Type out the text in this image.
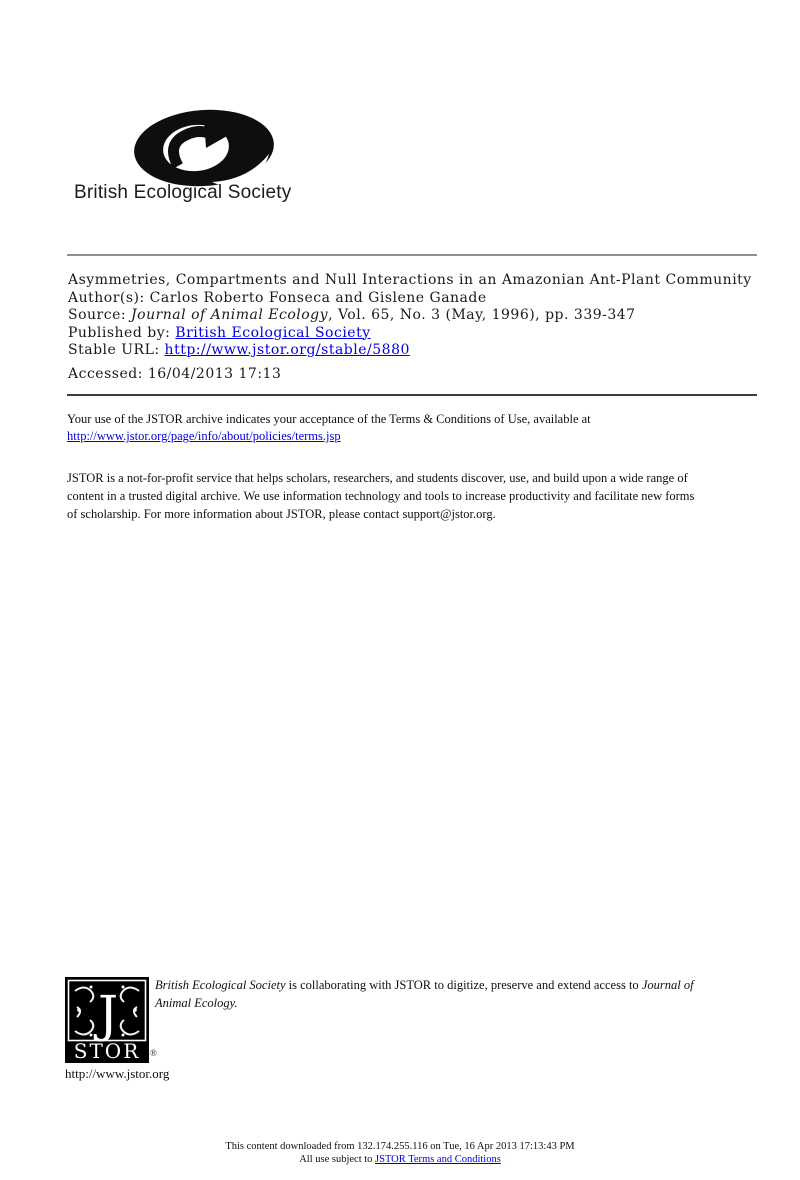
British Ecological Society
Asymmetries, Compartments and Null Interactions in an Amazonian Ant-Plant Community
Author(s): Carlos Roberto Fonseca and Gislene Ganade
Source: Journal of Animal Ecology, Vol. 65, No. 3 (May, 1996), pp. 339-347
Published by: British Ecological Society
Stable URL: http://www.jstor.org/stable/5880
Accessed: 16/04/2013 17:13
Your use of the JSTOR archive indicates your acceptance of the Terms & Conditions of Use, available at
http://www.jstor.org/page/info/about/policies/terms.jsp
JSTOR is a not-for-profit service that helps scholars, researchers, and students discover, use, and build upon a wide range of
content in a trusted digital archive. We use information technology and tools to increase productivity and facilitate new forms
of scholarship. For more information about JSTOR, please contact support@jstor.org.
J
STOR ®
British Ecological Society is collaborating with JSTOR to digitize, preserve and extend access to Journal of
Animal Ecology.
http://www.jstor.org
This content downloaded from 132.174.255.116 on Tue, 16 Apr 2013 17:13:43 PM
All use subject to JSTOR Terms and Conditions
